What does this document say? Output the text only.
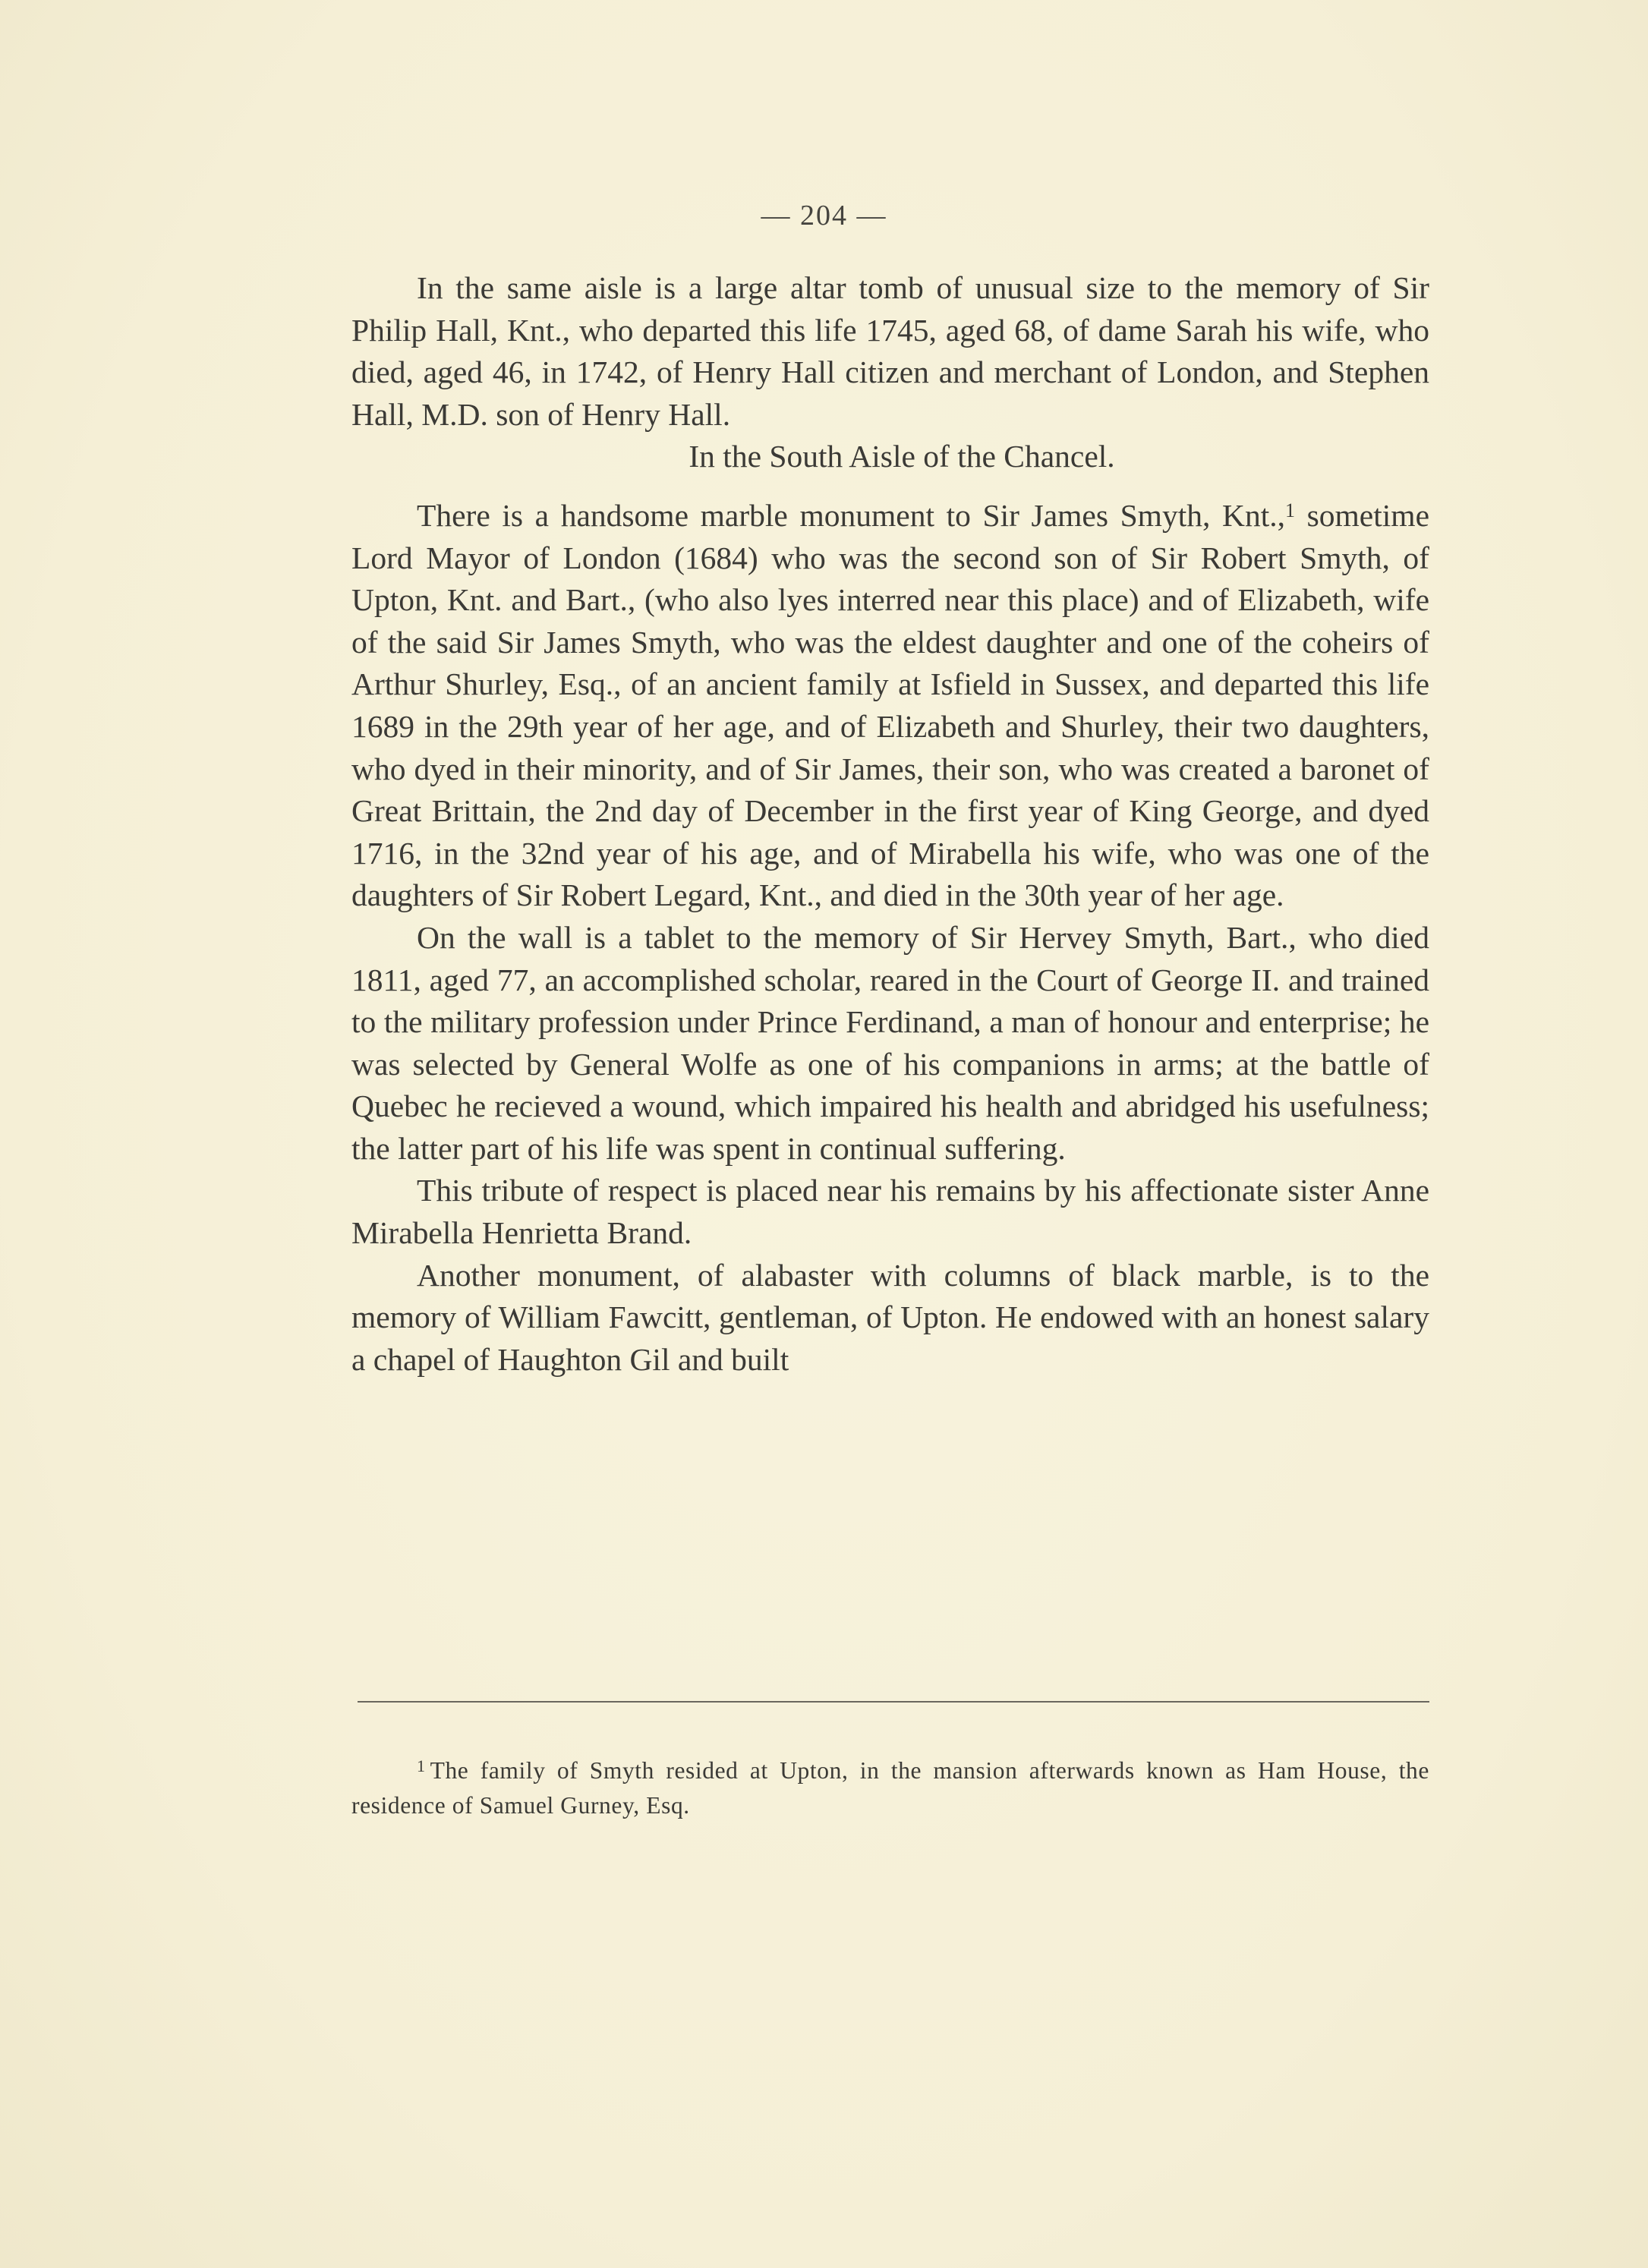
— 204 —

In the same aisle is a large altar tomb of unusual size to the memory of Sir Philip Hall, Knt., who departed this life 1745, aged 68, of dame Sarah his wife, who died, aged 46, in 1742, of Henry Hall citizen and merchant of London, and Stephen Hall, M.D. son of Henry Hall.

In the South Aisle of the Chancel.

There is a handsome marble monument to Sir James Smyth, Knt.,$^1$ sometime Lord Mayor of London (1684) who was the second son of Sir Robert Smyth, of Upton, Knt. and Bart., (who also lyes interred near this place) and of Elizabeth, wife of the said Sir James Smyth, who was the eldest daughter and one of the coheirs of Arthur Shurley, Esq., of an ancient family at Isfield in Sussex, and departed this life 1689 in the 29th year of her age, and of Elizabeth and Shurley, their two daughters, who dyed in their minority, and of Sir James, their son, who was created a baronet of Great Brittain, the 2nd day of December in the first year of King George, and dyed 1716, in the 32nd year of his age, and of Mirabella his wife, who was one of the daughters of Sir Robert Legard, Knt., and died in the 30th year of her age.

On the wall is a tablet to the memory of Sir Hervey Smyth, Bart., who died 1811, aged 77, an accomplished scholar, reared in the Court of George II. and trained to the military profession under Prince Ferdinand, a man of honour and enterprise; he was selected by General Wolfe as one of his companions in arms; at the battle of Quebec he recieved a wound, which impaired his health and abridged his usefulness; the latter part of his life was spent in continual suffering.

This tribute of respect is placed near his remains by his affectionate sister Anne Mirabella Henrietta Brand.

Another monument, of alabaster with columns of black marble, is to the memory of William Fawcitt, gentleman, of Upton. He endowed with an honest salary a chapel of Haughton Gil and built

$^1$ The family of Smyth resided at Upton, in the mansion afterwards known as Ham House, the residence of Samuel Gurney, Esq.
